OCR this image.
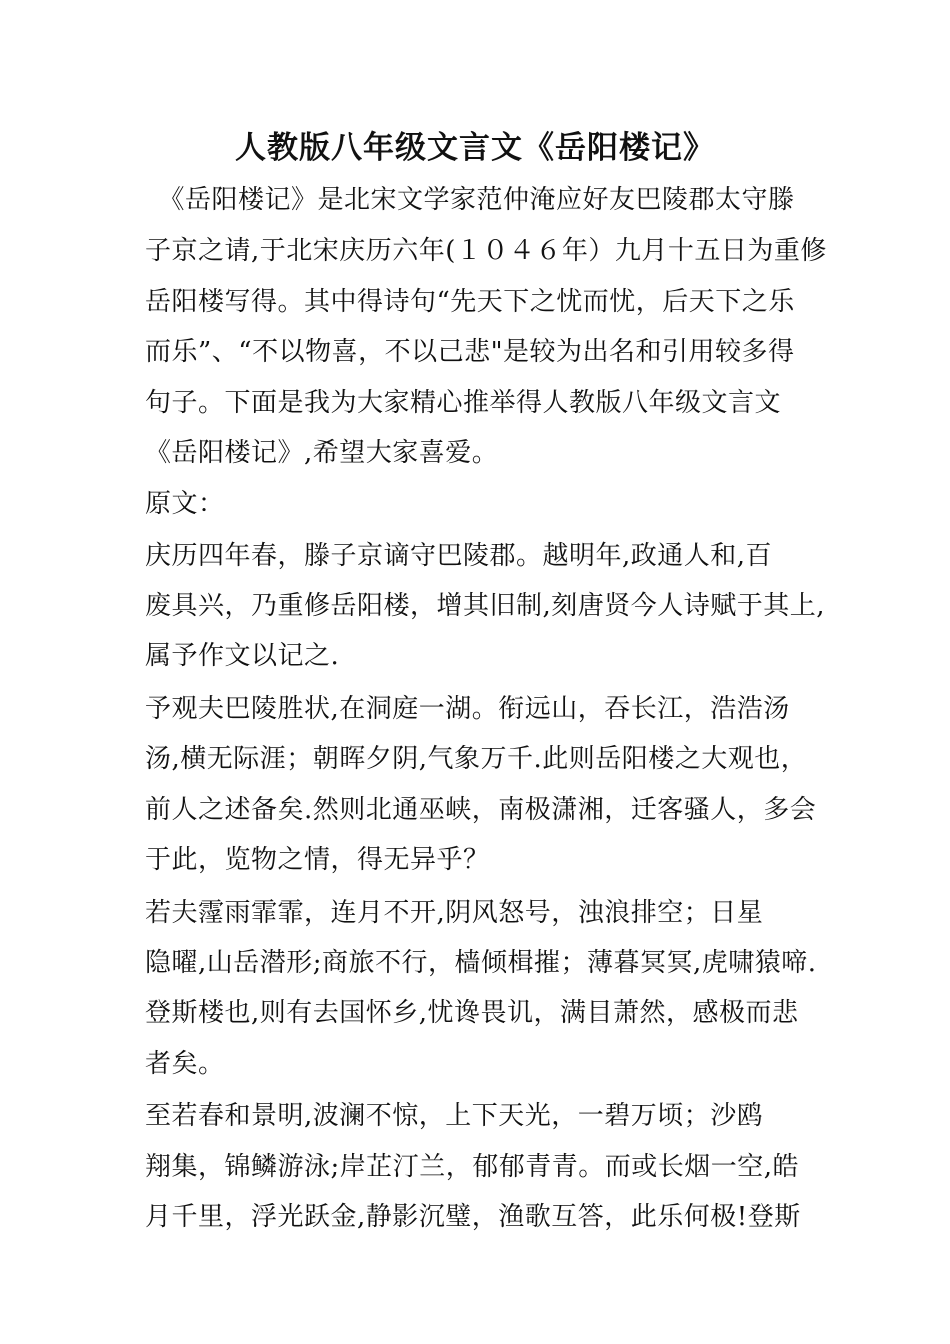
人教版八年级文言文《岳阳楼记》
　《岳阳楼记》是北宋文学家范仲淹应好友巴陵郡太守滕
子京之请,于北宋庆历六年(１０４６年）九月十五日为重修
岳阳楼写得。其中得诗句“先天下之忧而忧，后天下之乐
而乐”、“不以物喜，不以己悲"是较为出名和引用较多得
句子。下面是我为大家精心推举得人教版八年级文言文
《岳阳楼记》,希望大家喜爱。
原文：
庆历四年春，滕子京谪守巴陵郡。越明年,政通人和,百
废具兴，乃重修岳阳楼，增其旧制,刻唐贤今人诗赋于其上,
属予作文以记之.
予观夫巴陵胜状,在洞庭一湖。衔远山，吞长江，浩浩汤
汤,横无际涯；朝晖夕阴,气象万千.此则岳阳楼之大观也，
前人之述备矣.然则北通巫峡，南极潇湘，迁客骚人，多会
于此，览物之情，得无异乎？
若夫霪雨霏霏，连月不开,阴风怒号，浊浪排空；日星
隐曜,山岳潜形;商旅不行，樯倾楫摧；薄暮冥冥,虎啸猿啼.
登斯楼也,则有去国怀乡,忧谗畏讥，满目萧然，感极而悲
者矣。
至若春和景明,波澜不惊，上下天光，一碧万顷；沙鸥
翔集，锦鳞游泳;岸芷汀兰，郁郁青青。而或长烟一空,皓
月千里，浮光跃金,静影沉璧，渔歌互答，此乐何极!登斯
